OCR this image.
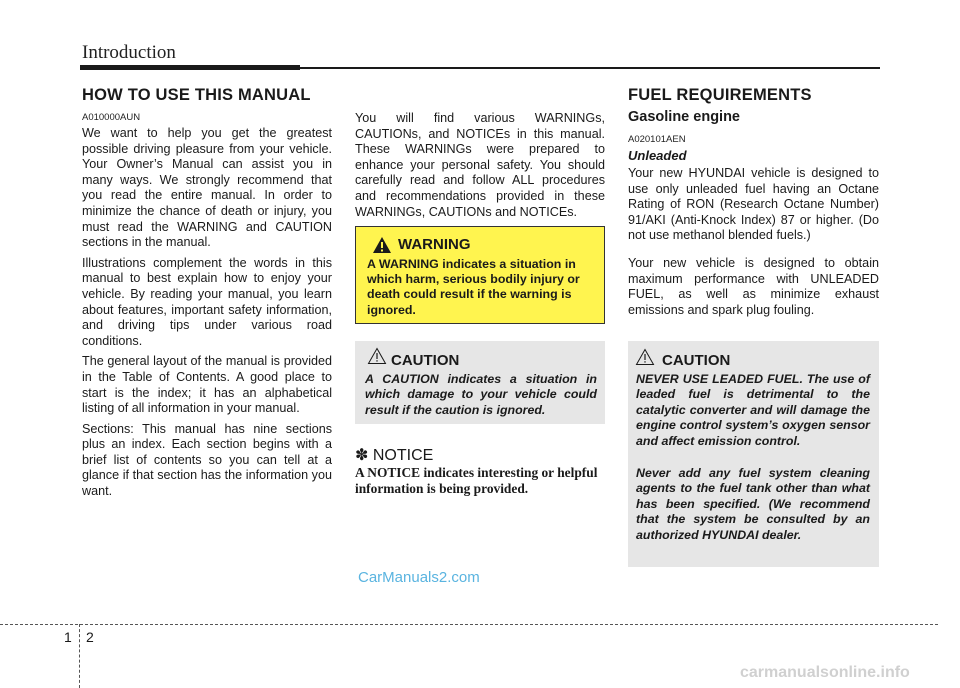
Introduction
HOW TO USE THIS MANUAL
A010000AUN

We want to help you get the greatest possible driving pleasure from your vehicle. Your Owner’s Manual can assist you in many ways. We strongly recommend that you read the entire manual. In order to minimize the chance of death or injury, you must read the WARNING and CAUTION sections in the manual.

Illustrations complement the words in this manual to best explain how to enjoy your vehicle. By reading your manual, you learn about features, important safety information, and driving tips under various road conditions.

The general layout of the manual is provided in the Table of Contents. A good place to start is the index; it has an alphabetical listing of all information in your manual.

Sections: This manual has nine sections plus an index. Each section begins with a brief list of contents so you can tell at a glance if that section has the information you want.

You will find various WARNINGs, CAUTIONs, and NOTICEs in this manual. These WARNINGs were prepared to enhance your personal safety. You should carefully read and follow ALL procedures and recommendations provided in these WARNINGs, CAUTIONs and NOTICEs.

WARNING
A WARNING indicates a situation in which harm, serious bodily injury or death could result if the warning is ignored.
CAUTION
A CAUTION indicates a situation in which damage to your vehicle could result if the caution is ignored.
✽ NOTICE
A NOTICE indicates interesting or helpful information is being provided.
FUEL REQUIREMENTS
Gasoline engine
A020101AEN
Unleaded

Your new HYUNDAI vehicle is designed to use only unleaded fuel having an Octane Rating of RON (Research Octane Number) 91/AKI (Anti-Knock Index) 87 or higher. (Do not use methanol blended fuels.)

Your new vehicle is designed to obtain maximum performance with UNLEADED FUEL, as well as minimize exhaust emissions and spark plug fouling.

CAUTION
NEVER USE LEADED FUEL. The use of leaded fuel is detrimental to the catalytic converter and will damage the engine control system’s oxygen sensor and affect emission control.
Never add any fuel system cleaning agents to the fuel tank other than what has been specified. (We recommend that the system be consulted by an authorized HYUNDAI dealer.
CarManuals2.com
carmanualsonline.info
1 2
